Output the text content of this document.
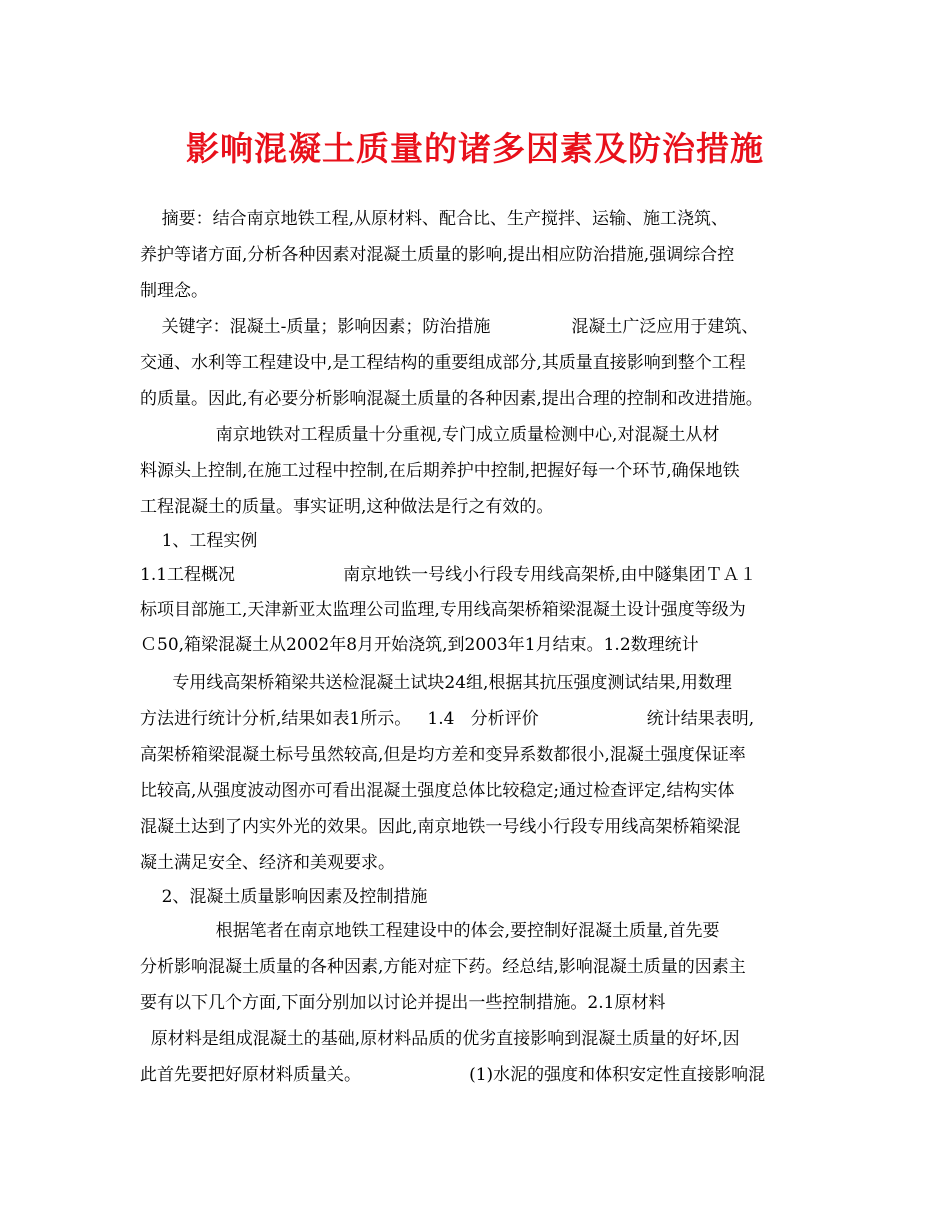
影响混凝土质量的诸多因素及防治措施
摘要：结合南京地铁工程,从原材料、配合比、生产搅拌、运输、施工浇筑、
养护等诸方面,分析各种因素对混凝土质量的影响,提出相应防治措施,强调综合控
制理念。
关键字：混凝土-质量；影响因素；防治措施               混凝土广泛应用于建筑、
交通、水利等工程建设中,是工程结构的重要组成部分,其质量直接影响到整个工程
的质量。因此,有必要分析影响混凝土质量的各种因素,提出合理的控制和改进措施。
南京地铁对工程质量十分重视,专门成立质量检测中心,对混凝土从材
料源头上控制,在施工过程中控制,在后期养护中控制,把握好每一个环节,确保地铁
工程混凝土的质量。事实证明,这种做法是行之有效的。
1、工程实例
1.1工程概况                    南京地铁一号线小行段专用线高架桥,由中隧集团ＴＡ１
标项目部施工,天津新亚太监理公司监理,专用线高架桥箱梁混凝土设计强度等级为
Ｃ50,箱梁混凝土从2002年8月开始浇筑,到2003年1月结束。1.2数理统计
专用线高架桥箱梁共送检混凝土试块24组,根据其抗压强度测试结果,用数理
方法进行统计分析,结果如表1所示。   1.4   分析评价                    统计结果表明,
高架桥箱梁混凝土标号虽然较高,但是均方差和变异系数都很小,混凝土强度保证率
比较高,从强度波动图亦可看出混凝土强度总体比较稳定;通过检查评定,结构实体
混凝土达到了内实外光的效果。因此,南京地铁一号线小行段专用线高架桥箱梁混
凝土满足安全、经济和美观要求。
2、混凝土质量影响因素及控制措施
根据笔者在南京地铁工程建设中的体会,要控制好混凝土质量,首先要
分析影响混凝土质量的各种因素,方能对症下药。经总结,影响混凝土质量的因素主
要有以下几个方面,下面分别加以讨论并提出一些控制措施。2.1原材料
原材料是组成混凝土的基础,原材料品质的优劣直接影响到混凝土质量的好坏,因
此首先要把好原材料质量关。                    (1)水泥的强度和体积安定性直接影响混
